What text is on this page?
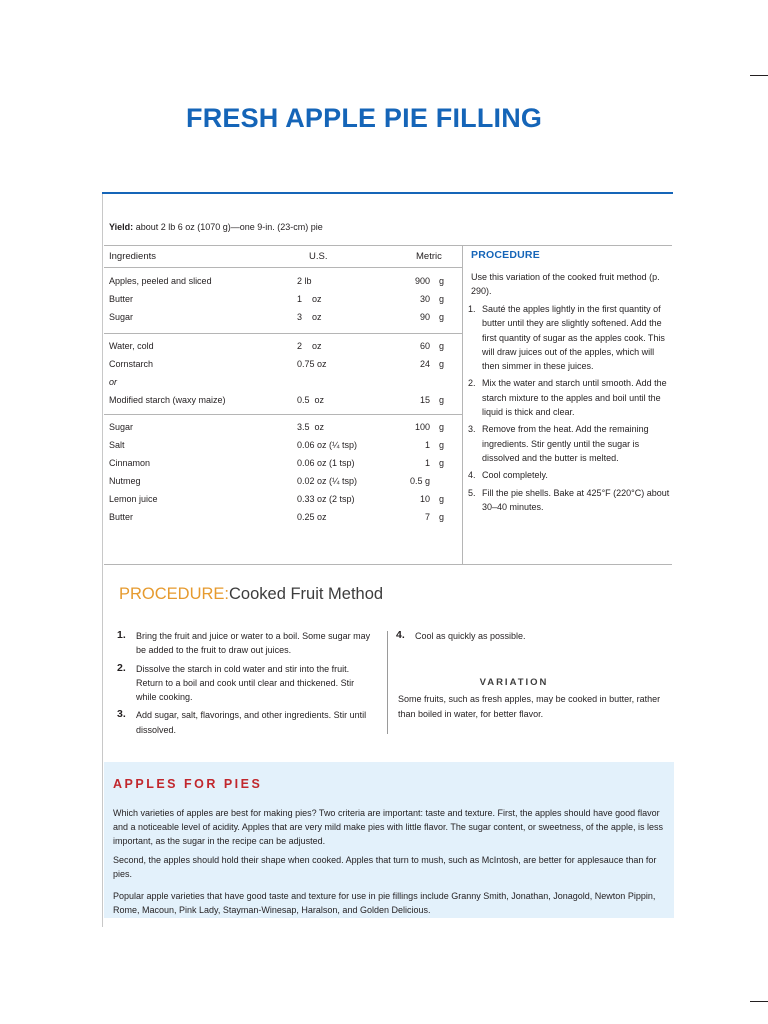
FRESH APPLE PIE FILLING
Yield: about 2 lb 6 oz (1070 g)—one 9-in. (23-cm) pie
Ingredients	U.S.	Metric
Apples, peeled and sliced	2 lb	900 g
Butter	1    oz	30 g
Sugar	3    oz	90 g
Water, cold	2    oz	60 g
Cornstarch	0.75 oz	24 g
or
Modified starch (waxy maize)	0.5  oz	15 g
Sugar	3.5  oz	100 g
Salt	0.06 oz (¼ tsp)	1 g
Cinnamon	0.06 oz (1 tsp)	1 g
Nutmeg	0.02 oz (¼ tsp)	0.5 g
Lemon juice	0.33 oz (2 tsp)	10 g
Butter	0.25 oz	7 g
PROCEDURE
Use this variation of the cooked fruit method (p. 290).
1. Sauté the apples lightly in the first quantity of butter until they are slightly softened. Add the first quantity of sugar as the apples cook. This will draw juices out of the apples, which will then simmer in these juices.
2. Mix the water and starch until smooth. Add the starch mixture to the apples and boil until the liquid is thick and clear.
3. Remove from the heat. Add the remaining ingredients. Stir gently until the sugar is dissolved and the butter is melted.
4. Cool completely.
5. Fill the pie shells. Bake at 425°F (220°C) about 30–40 minutes.
PROCEDURE:Cooked Fruit Method
1. Bring the fruit and juice or water to a boil. Some sugar may be added to the fruit to draw out juices.
2. Dissolve the starch in cold water and stir into the fruit. Return to a boil and cook until clear and thickened. Stir while cooking.
3. Add sugar, salt, flavorings, and other ingredients. Stir until dissolved.
4. Cool as quickly as possible.
VARIATION
Some fruits, such as fresh apples, may be cooked in butter, rather than boiled in water, for better flavor.
APPLES FOR PIES

Which varieties of apples are best for making pies? Two criteria are important: taste and texture. First, the apples should have good flavor and a noticeable level of acidity. Apples that are very mild make pies with little flavor. The sugar content, or sweetness, of the apple, is less important, as the sugar in the recipe can be adjusted.

Second, the apples should hold their shape when cooked. Apples that turn to mush, such as McIntosh, are better for applesauce than for pies.

Popular apple varieties that have good taste and texture for use in pie fillings include Granny Smith, Jonathan, Jonagold, Newton Pippin, Rome, Macoun, Pink Lady, Stayman-Winesap, Haralson, and Golden Delicious.
